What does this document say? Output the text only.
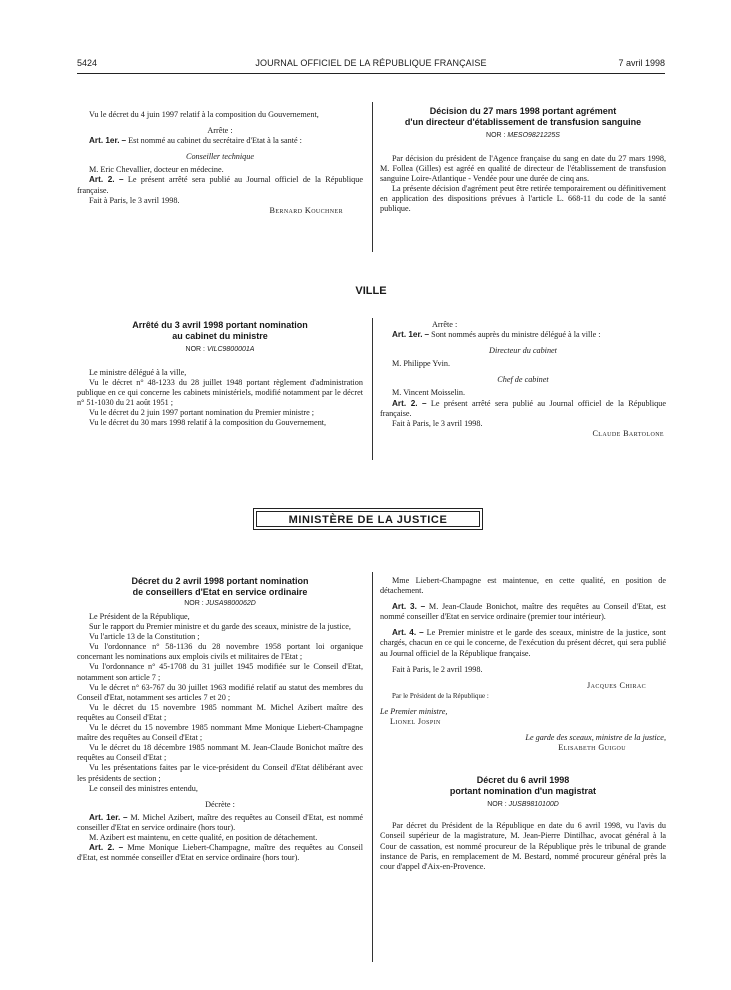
5424	JOURNAL OFFICIEL DE LA RÉPUBLIQUE FRANÇAISE	7 avril 1998

Vu le décret du 4 juin 1997 relatif à la composition du Gouvernement,

Arrête :

Art. 1er. – Est nommé au cabinet du secrétaire d'Etat à la santé :

Conseiller technique

M. Eric Chevallier, docteur en médecine.

Art. 2. – Le présent arrêté sera publié au Journal officiel de la République française.

Fait à Paris, le 3 avril 1998.

Bernard Kouchner

Décision du 27 mars 1998 portant agrément

d'un directeur d'établissement de transfusion sanguine

NOR : MESO9821225S

Par décision du président de l'Agence française du sang en date du 27 mars 1998, M. Follea (Gilles) est agréé en qualité de directeur de l'établissement de transfusion sanguine Loire-Atlantique - Vendée pour une durée de cinq ans.

La présente décision d'agrément peut être retirée temporairement ou définitivement en application des dispositions prévues à l'article L. 668-11 du code de la santé publique.

VILLE

Arrêté du 3 avril 1998 portant nomination

au cabinet du ministre

NOR : VILC9800001A

Le ministre délégué à la ville,

Vu le décret n° 48-1233 du 28 juillet 1948 portant règlement d'administration publique en ce qui concerne les cabinets ministériels, modifié notamment par le décret n° 51-1030 du 21 août 1951 ;

Vu le décret du 2 juin 1997 portant nomination du Premier ministre ;

Vu le décret du 30 mars 1998 relatif à la composition du Gouvernement,

Arrête :

Art. 1er. – Sont nommés auprès du ministre délégué à la ville :

Directeur du cabinet

M. Philippe Yvin.

Chef de cabinet

M. Vincent Moisselin.

Art. 2. – Le présent arrêté sera publié au Journal officiel de la République française.

Fait à Paris, le 3 avril 1998.

Claude Bartolone

MINISTÈRE DE LA JUSTICE

Décret du 2 avril 1998 portant nomination

de conseillers d'Etat en service ordinaire

NOR : JUSA9800062D

Le Président de la République,

Sur le rapport du Premier ministre et du garde des sceaux, ministre de la justice,

Vu l'article 13 de la Constitution ;

Vu l'ordonnance n° 58-1136 du 28 novembre 1958 portant loi organique concernant les nominations aux emplois civils et militaires de l'Etat ;

Vu l'ordonnance n° 45-1708 du 31 juillet 1945 modifiée sur le Conseil d'Etat, notamment son article 7 ;

Vu le décret n° 63-767 du 30 juillet 1963 modifié relatif au statut des membres du Conseil d'Etat, notamment ses articles 7 et 20 ;

Vu le décret du 15 novembre 1985 nommant M. Michel Azibert maître des requêtes au Conseil d'Etat ;

Vu le décret du 15 novembre 1985 nommant Mme Monique Liebert-Champagne maître des requêtes au Conseil d'Etat ;

Vu le décret du 18 décembre 1985 nommant M. Jean-Claude Bonichot maître des requêtes au Conseil d'Etat ;

Vu les présentations faites par le vice-président du Conseil d'Etat délibérant avec les présidents de section ;

Le conseil des ministres entendu,

Décrète :

Art. 1er. – M. Michel Azibert, maître des requêtes au Conseil d'Etat, est nommé conseiller d'Etat en service ordinaire (hors tour).

M. Azibert est maintenu, en cette qualité, en position de détachement.

Art. 2. – Mme Monique Liebert-Champagne, maître des requêtes au Conseil d'Etat, est nommée conseiller d'Etat en service ordinaire (hors tour).

Mme Liebert-Champagne est maintenue, en cette qualité, en position de détachement.

Art. 3. – M. Jean-Claude Bonichot, maître des requêtes au Conseil d'Etat, est nommé conseiller d'Etat en service ordinaire (premier tour intérieur).

Art. 4. – Le Premier ministre et le garde des sceaux, ministre de la justice, sont chargés, chacun en ce qui le concerne, de l'exécution du présent décret, qui sera publié au Journal officiel de la République française.

Fait à Paris, le 2 avril 1998.

Jacques Chirac

Par le Président de la République :

Le Premier ministre,

Lionel Jospin

Le garde des sceaux, ministre de la justice,

Elisabeth Guigou

Décret du 6 avril 1998

portant nomination d'un magistrat

NOR : JUSB9810100D

Par décret du Président de la République en date du 6 avril 1998, vu l'avis du Conseil supérieur de la magistrature, M. Jean-Pierre Dintilhac, avocat général à la Cour de cassation, est nommé procureur de la République près le tribunal de grande instance de Paris, en remplacement de M. Bestard, nommé procureur général près la cour d'appel d'Aix-en-Provence.
